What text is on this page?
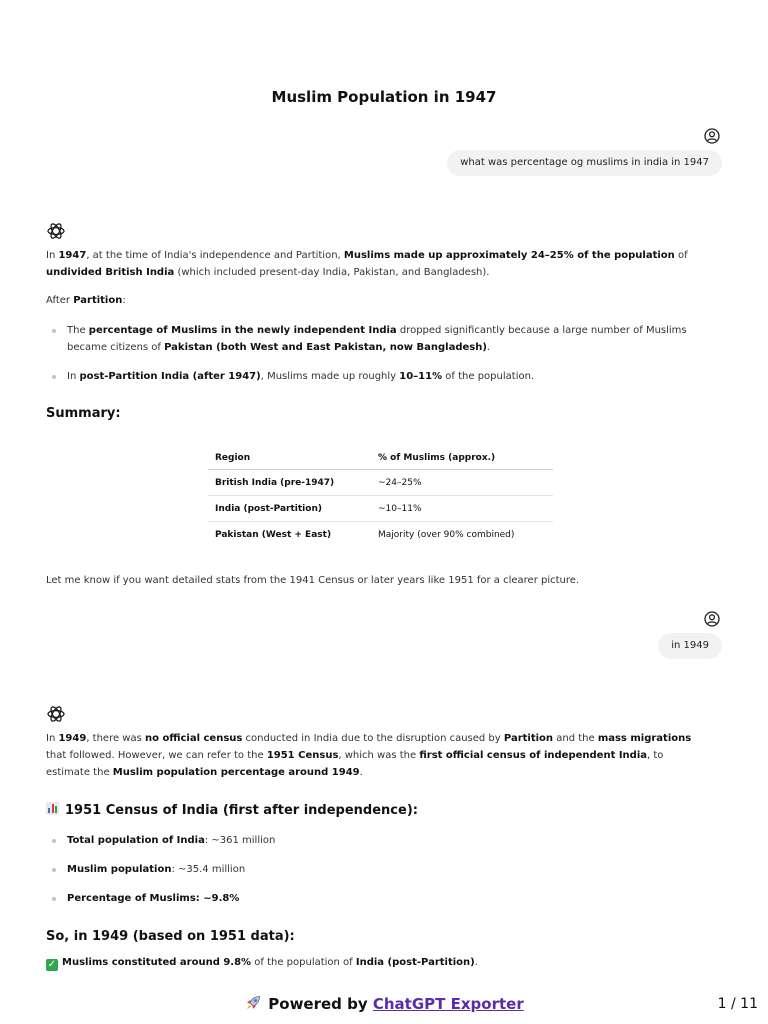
Muslim Population in 1947
what was percentage og muslims in india in 1947
In 1947, at the time of India's independence and Partition, Muslims made up approximately 24–25% of the population of
undivided British India (which included present-day India, Pakistan, and Bangladesh).
After Partition:
The percentage of Muslims in the newly independent India dropped significantly because a large number of Muslims
became citizens of Pakistan (both West and East Pakistan, now Bangladesh).
In post-Partition India (after 1947), Muslims made up roughly 10–11% of the population.
Summary:
Region	% of Muslims (approx.)
British India (pre-1947)	~24–25%
India (post-Partition)	~10–11%
Pakistan (West + East)	Majority (over 90% combined)
Let me know if you want detailed stats from the 1941 Census or later years like 1951 for a clearer picture.
in 1949
In 1949, there was no official census conducted in India due to the disruption caused by Partition and the mass migrations
that followed. However, we can refer to the 1951 Census, which was the first official census of independent India, to
estimate the Muslim population percentage around 1949.
1951 Census of India (first after independence):
Total population of India: ~361 million
Muslim population: ~35.4 million
Percentage of Muslims: ~9.8%
So, in 1949 (based on 1951 data):
✓ Muslims constituted around 9.8% of the population of India (post-Partition).
Powered by ChatGPT Exporter	1 / 11
